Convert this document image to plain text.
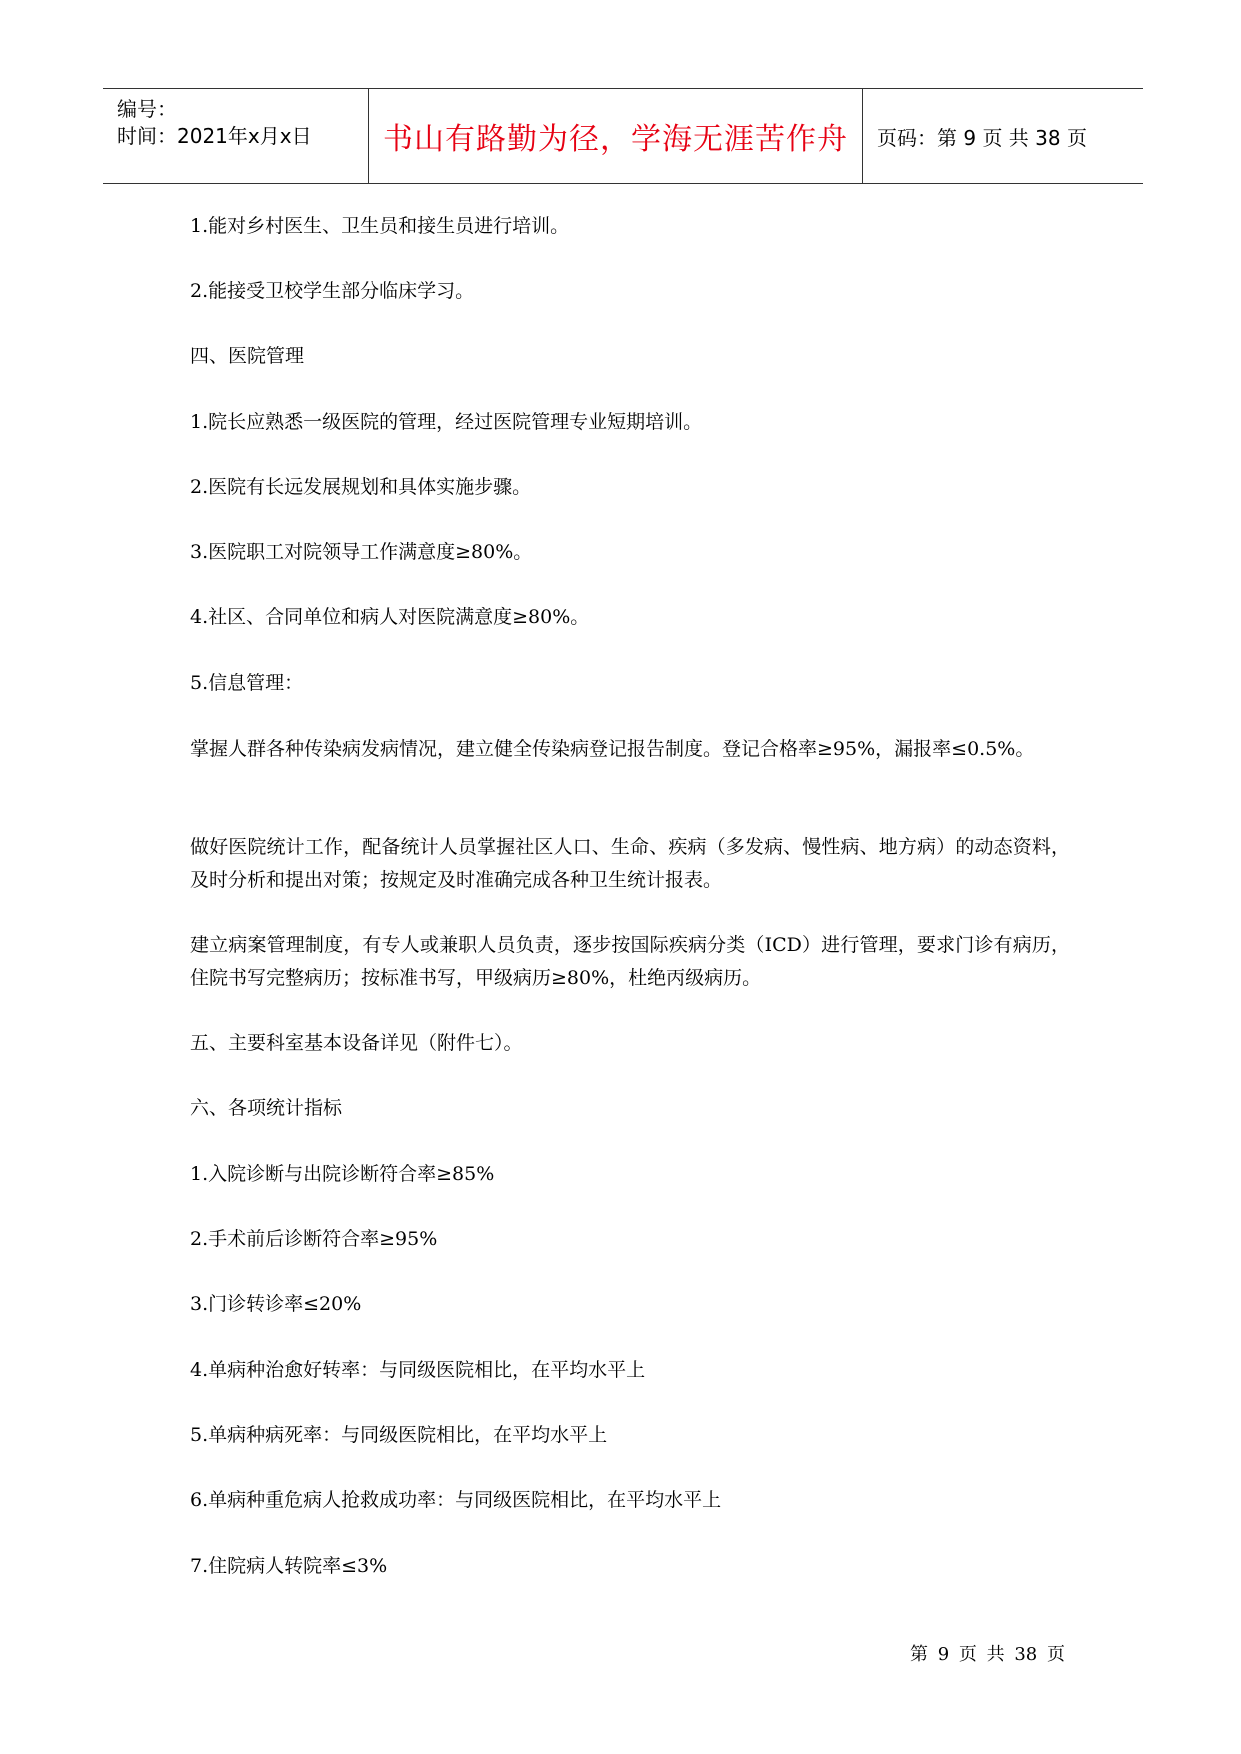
编号：
时间：2021年x月x日	书山有路勤为径，学海无涯苦作舟	页码：第 9 页 共 38 页
1.能对乡村医生、卫生员和接生员进行培训。
2.能接受卫校学生部分临床学习。
四、医院管理
1.院长应熟悉一级医院的管理，经过医院管理专业短期培训。
2.医院有长远发展规划和具体实施步骤。
3.医院职工对院领导工作满意度≥80%。
4.社区、合同单位和病人对医院满意度≥80%。
5.信息管理：
掌握人群各种传染病发病情况，建立健全传染病登记报告制度。登记合格率≥95%，漏报率≤0.5%。
做好医院统计工作，配备统计人员掌握社区人口、生命、疾病（多发病、慢性病、地方病）的动态资料，及时分析和提出对策；按规定及时准确完成各种卫生统计报表。
建立病案管理制度，有专人或兼职人员负责，逐步按国际疾病分类（ICD）进行管理，要求门诊有病历，住院书写完整病历；按标准书写，甲级病历≥80%，杜绝丙级病历。
五、主要科室基本设备详见（附件七）。
六、各项统计指标
1.入院诊断与出院诊断符合率≥85%
2.手术前后诊断符合率≥95%
3.门诊转诊率≤20%
4.单病种治愈好转率：与同级医院相比，在平均水平上
5.单病种病死率：与同级医院相比，在平均水平上
6.单病种重危病人抢救成功率：与同级医院相比，在平均水平上
7.住院病人转院率≤3%
第 9 页 共 38 页
